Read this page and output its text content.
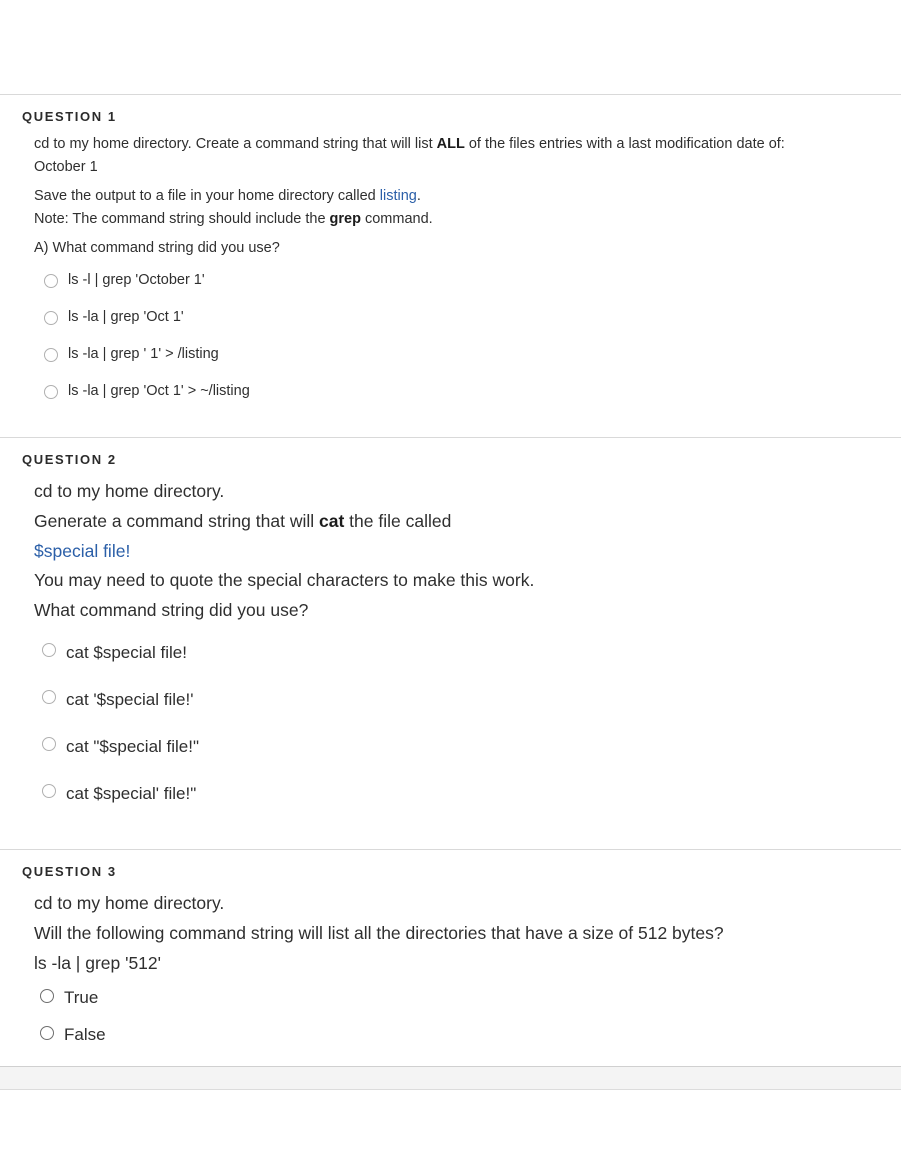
QUESTION 1

cd to my home directory. Create a command string that will list ALL of the files entries with a last modification date of:

October 1

Save the output to a file in your home directory called listing.

Note: The command string should include the grep command.

A) What command string did you use?

ls -l | grep 'October 1'
ls -la | grep 'Oct 1'
ls -la | grep ' 1' > /listing
ls -la | grep 'Oct 1' > ~/listing
QUESTION 2

cd to my home directory.

Generate a command string that will cat the file called

$special file!

You may need to quote the special characters to make this work.

What command string did you use?

cat $special file!
cat '$special file!'
cat "$special file!"
cat $special' file!"
QUESTION 3

cd to my home directory.

Will the following command string will list all the directories that have a size of 512 bytes?

ls -la | grep '512'

True
False
